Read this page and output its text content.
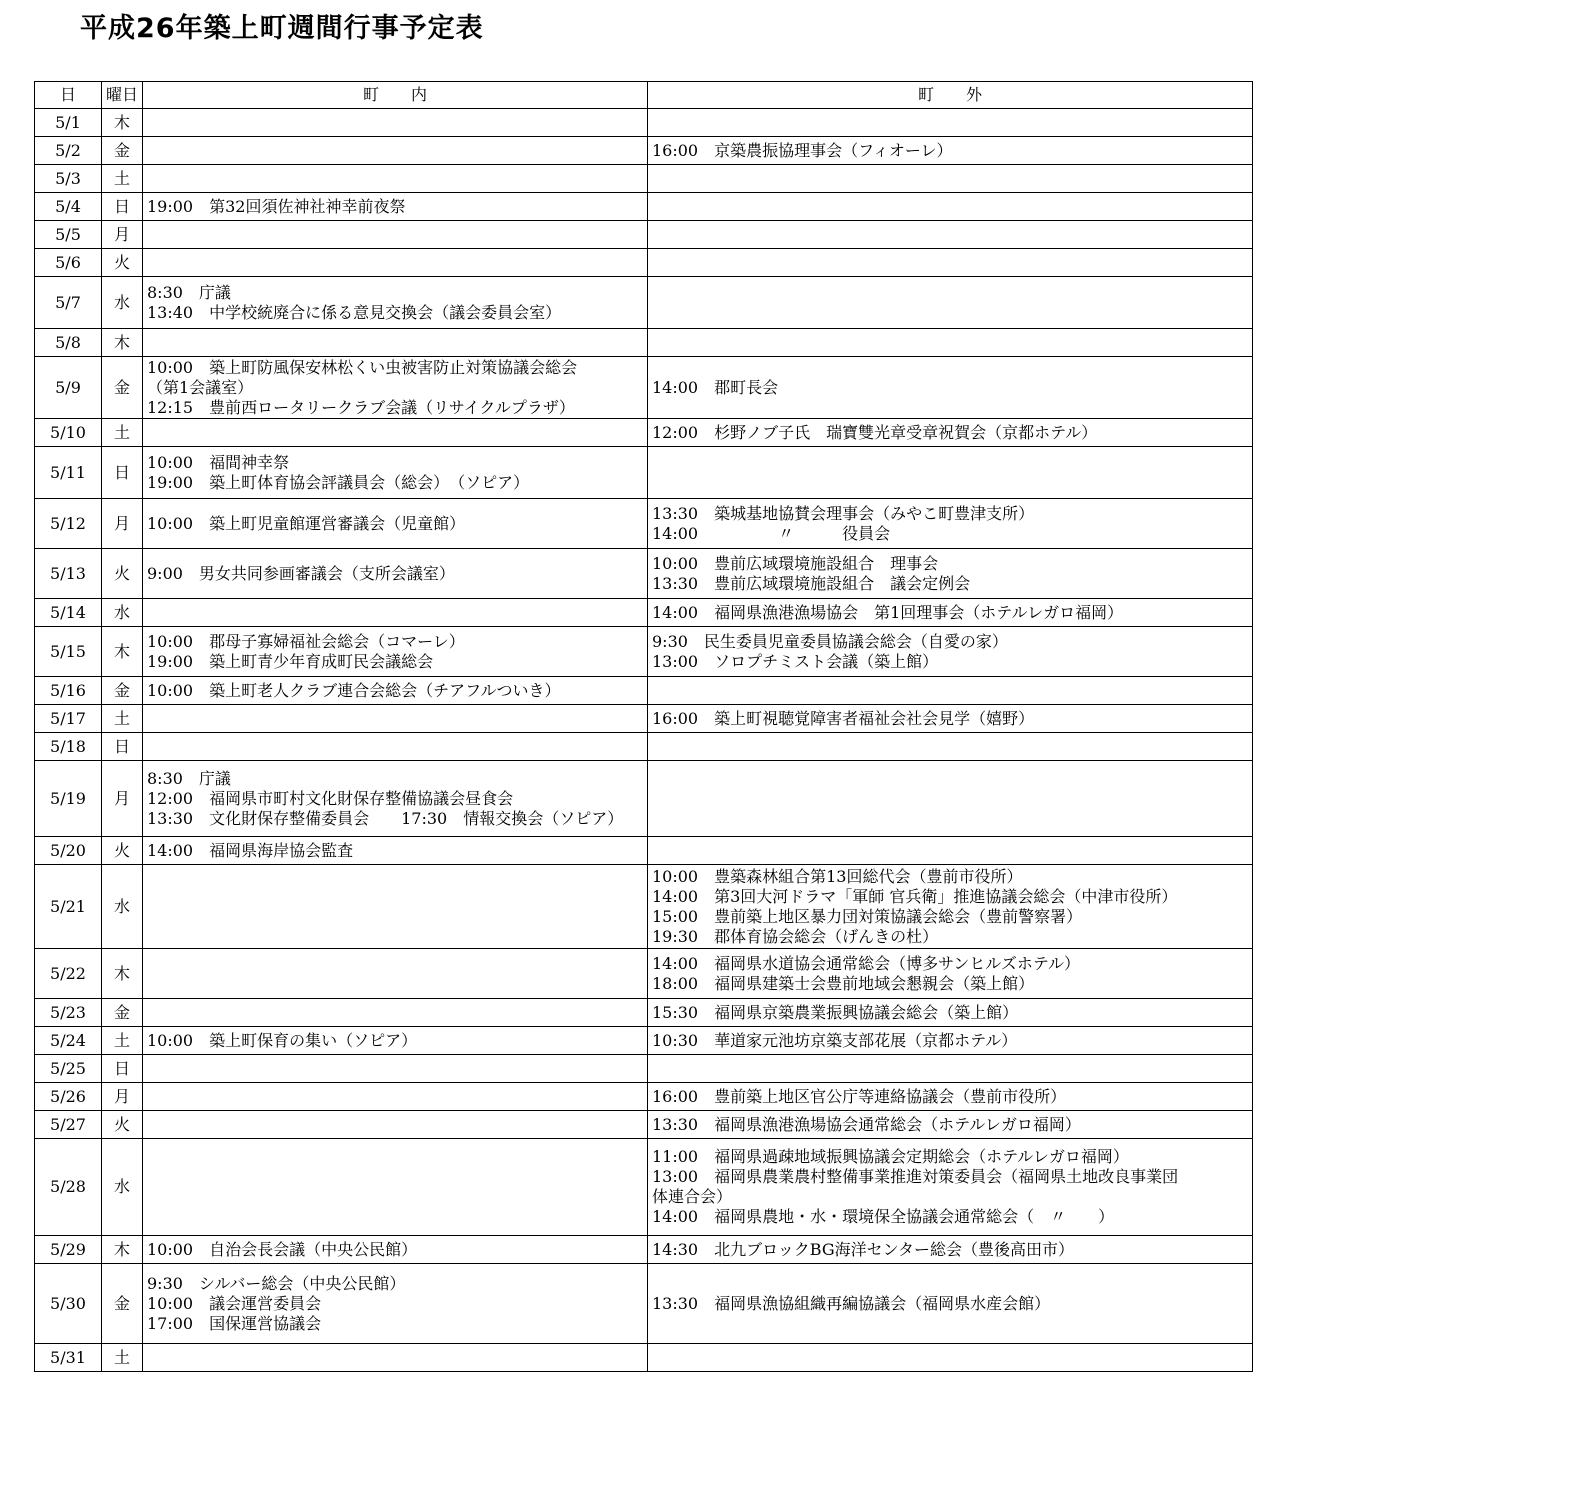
平成26年築上町週間行事予定表
日	曜日	町　　内	町　　外
5/1	木		
5/2	金		16:00　京築農振協理事会（フィオーレ）
5/3	土		
5/4	日	19:00　第32回須佐神社神幸前夜祭	
5/5	月		
5/6	火		
5/7	水	8:30　庁議
13:40　中学校統廃合に係る意見交換会（議会委員会室）	
5/8	木		
5/9	金	10:00　築上町防風保安林松くい虫被害防止対策協議会総会
（第1会議室）
12:15　豊前西ロータリークラブ会議（リサイクルプラザ）	14:00　郡町長会
5/10	土		12:00　杉野ノブ子氏　瑞寶雙光章受章祝賀会（京都ホテル）
5/11	日	10:00　福間神幸祭
19:00　築上町体育協会評議員会（総会）　（ソピア）	
5/12	月	10:00　築上町児童館運営審議会（児童館）	13:30　築城基地協賛会理事会（みやこ町豊津支所）
14:00　　　　　〃　　　役員会
5/13	火	9:00　男女共同参画審議会（支所会議室）	10:00　豊前広域環境施設組合　理事会
13:30　豊前広域環境施設組合　議会定例会
5/14	水		14:00　福岡県漁港漁場協会　第1回理事会（ホテルレガロ福岡）
5/15	木	10:00　郡母子寡婦福祉会総会（コマーレ）
19:00　築上町青少年育成町民会議総会	9:30　民生委員児童委員協議会総会（自愛の家）
13:00　ソロプチミスト会議（築上館）
5/16	金	10:00　築上町老人クラブ連合会総会（チアフルついき）	
5/17	土		16:00　築上町視聴覚障害者福祉会社会見学（嬉野）
5/18	日		
5/19	月	8:30　庁議
12:00　福岡県市町村文化財保存整備協議会昼食会
13:30　文化財保存整備委員会　　17:30　情報交換会（ソピア）	
5/20	火	14:00　福岡県海岸協会監査	
5/21	水		10:00　豊築森林組合第13回総代会（豊前市役所）
14:00　第3回大河ドラマ「軍師 官兵衛」推進協議会総会（中津市役所）
15:00　豊前築上地区暴力団対策協議会総会（豊前警察署）
19:30　郡体育協会総会（げんきの杜）
5/22	木		14:00　福岡県水道協会通常総会（博多サンヒルズホテル）
18:00　福岡県建築士会豊前地域会懇親会（築上館）
5/23	金		15:30　福岡県京築農業振興協議会総会（築上館）
5/24	土	10:00　築上町保育の集い（ソピア）	10:30　華道家元池坊京築支部花展（京都ホテル）
5/25	日		
5/26	月		16:00　豊前築上地区官公庁等連絡協議会（豊前市役所）
5/27	火		13:30　福岡県漁港漁場協会通常総会（ホテルレガロ福岡）
5/28	水		11:00　福岡県過疎地域振興協議会定期総会（ホテルレガロ福岡）
13:00　福岡県農業農村整備事業推進対策委員会（福岡県土地改良事業団
体連合会）
14:00　福岡県農地・水・環境保全協議会通常総会（　〃　　）
5/29	木	10:00　自治会長会議（中央公民館）	14:30　北九ブロックBG海洋センター総会（豊後高田市）
5/30	金	9:30　シルバー総会（中央公民館）
10:00　議会運営委員会
17:00　国保運営協議会	13:30　福岡県漁協組織再編協議会（福岡県水産会館）
5/31	土		
